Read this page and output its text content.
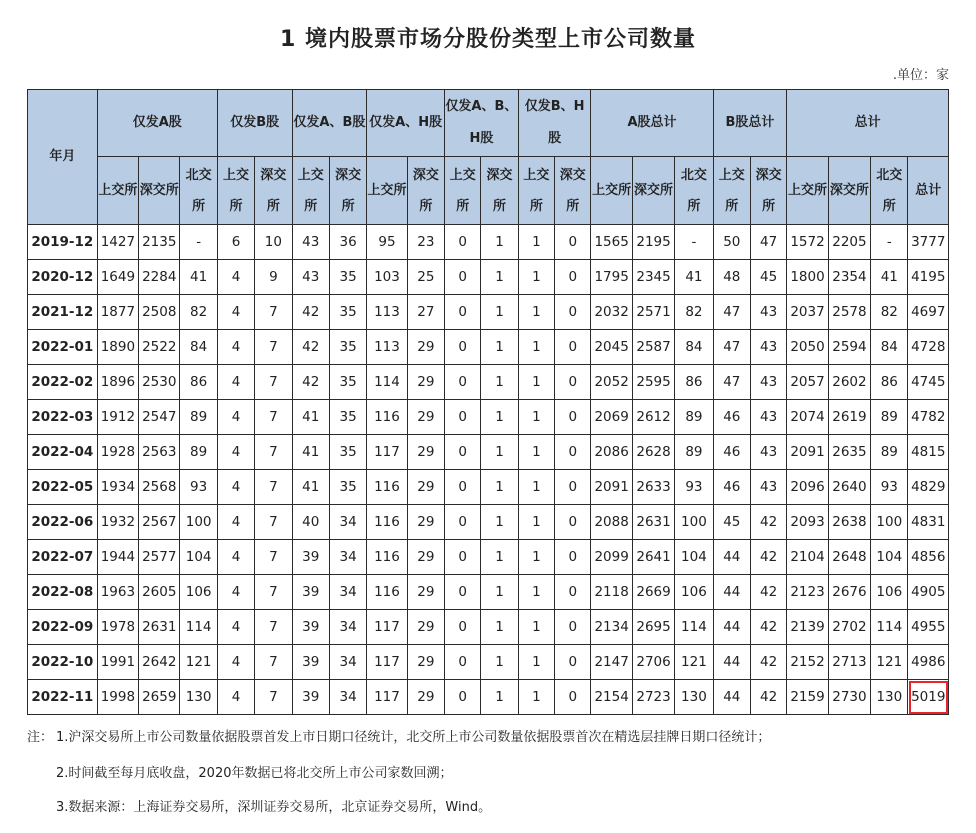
1 境内股票市场分股份类型上市公司数量
.单位：家
年月	仅发A股			仅发B股		仅发A、B股		仅发A、H股		仅发A、B、H股		仅发B、H股		A股总计			B股总计		总计			
	上交所	深交所	北交所	上交所	深交所	上交所	深交所	上交所	深交所	上交所	深交所	上交所	深交所	上交所	深交所	北交所	上交所	深交所	上交所	深交所	北交所	总计
2019-12	1427	2135	-	6	10	43	36	95	23	0	1	1	0	1565	2195	-	50	47	1572	2205	-	3777
2020-12	1649	2284	41	4	9	43	35	103	25	0	1	1	0	1795	2345	41	48	45	1800	2354	41	4195
2021-12	1877	2508	82	4	7	42	35	113	27	0	1	1	0	2032	2571	82	47	43	2037	2578	82	4697
2022-01	1890	2522	84	4	7	42	35	113	29	0	1	1	0	2045	2587	84	47	43	2050	2594	84	4728
2022-02	1896	2530	86	4	7	42	35	114	29	0	1	1	0	2052	2595	86	47	43	2057	2602	86	4745
2022-03	1912	2547	89	4	7	41	35	116	29	0	1	1	0	2069	2612	89	46	43	2074	2619	89	4782
2022-04	1928	2563	89	4	7	41	35	117	29	0	1	1	0	2086	2628	89	46	43	2091	2635	89	4815
2022-05	1934	2568	93	4	7	41	35	116	29	0	1	1	0	2091	2633	93	46	43	2096	2640	93	4829
2022-06	1932	2567	100	4	7	40	34	116	29	0	1	1	0	2088	2631	100	45	42	2093	2638	100	4831
2022-07	1944	2577	104	4	7	39	34	116	29	0	1	1	0	2099	2641	104	44	42	2104	2648	104	4856
2022-08	1963	2605	106	4	7	39	34	116	29	0	1	1	0	2118	2669	106	44	42	2123	2676	106	4905
2022-09	1978	2631	114	4	7	39	34	117	29	0	1	1	0	2134	2695	114	44	42	2139	2702	114	4955
2022-10	1991	2642	121	4	7	39	34	117	29	0	1	1	0	2147	2706	121	44	42	2152	2713	121	4986
2022-11	1998	2659	130	4	7	39	34	117	29	0	1	1	0	2154	2723	130	44	42	2159	2730	130	5019
注： 1.沪深交易所上市公司数量依据股票首发上市日期口径统计，北交所上市公司数量依据股票首次在精选层挂牌日期口径统计；
2.时间截至每月底收盘，2020年数据已将北交所上市公司家数回溯；
3.数据来源：上海证券交易所，深圳证券交易所，北京证券交易所，Wind。
